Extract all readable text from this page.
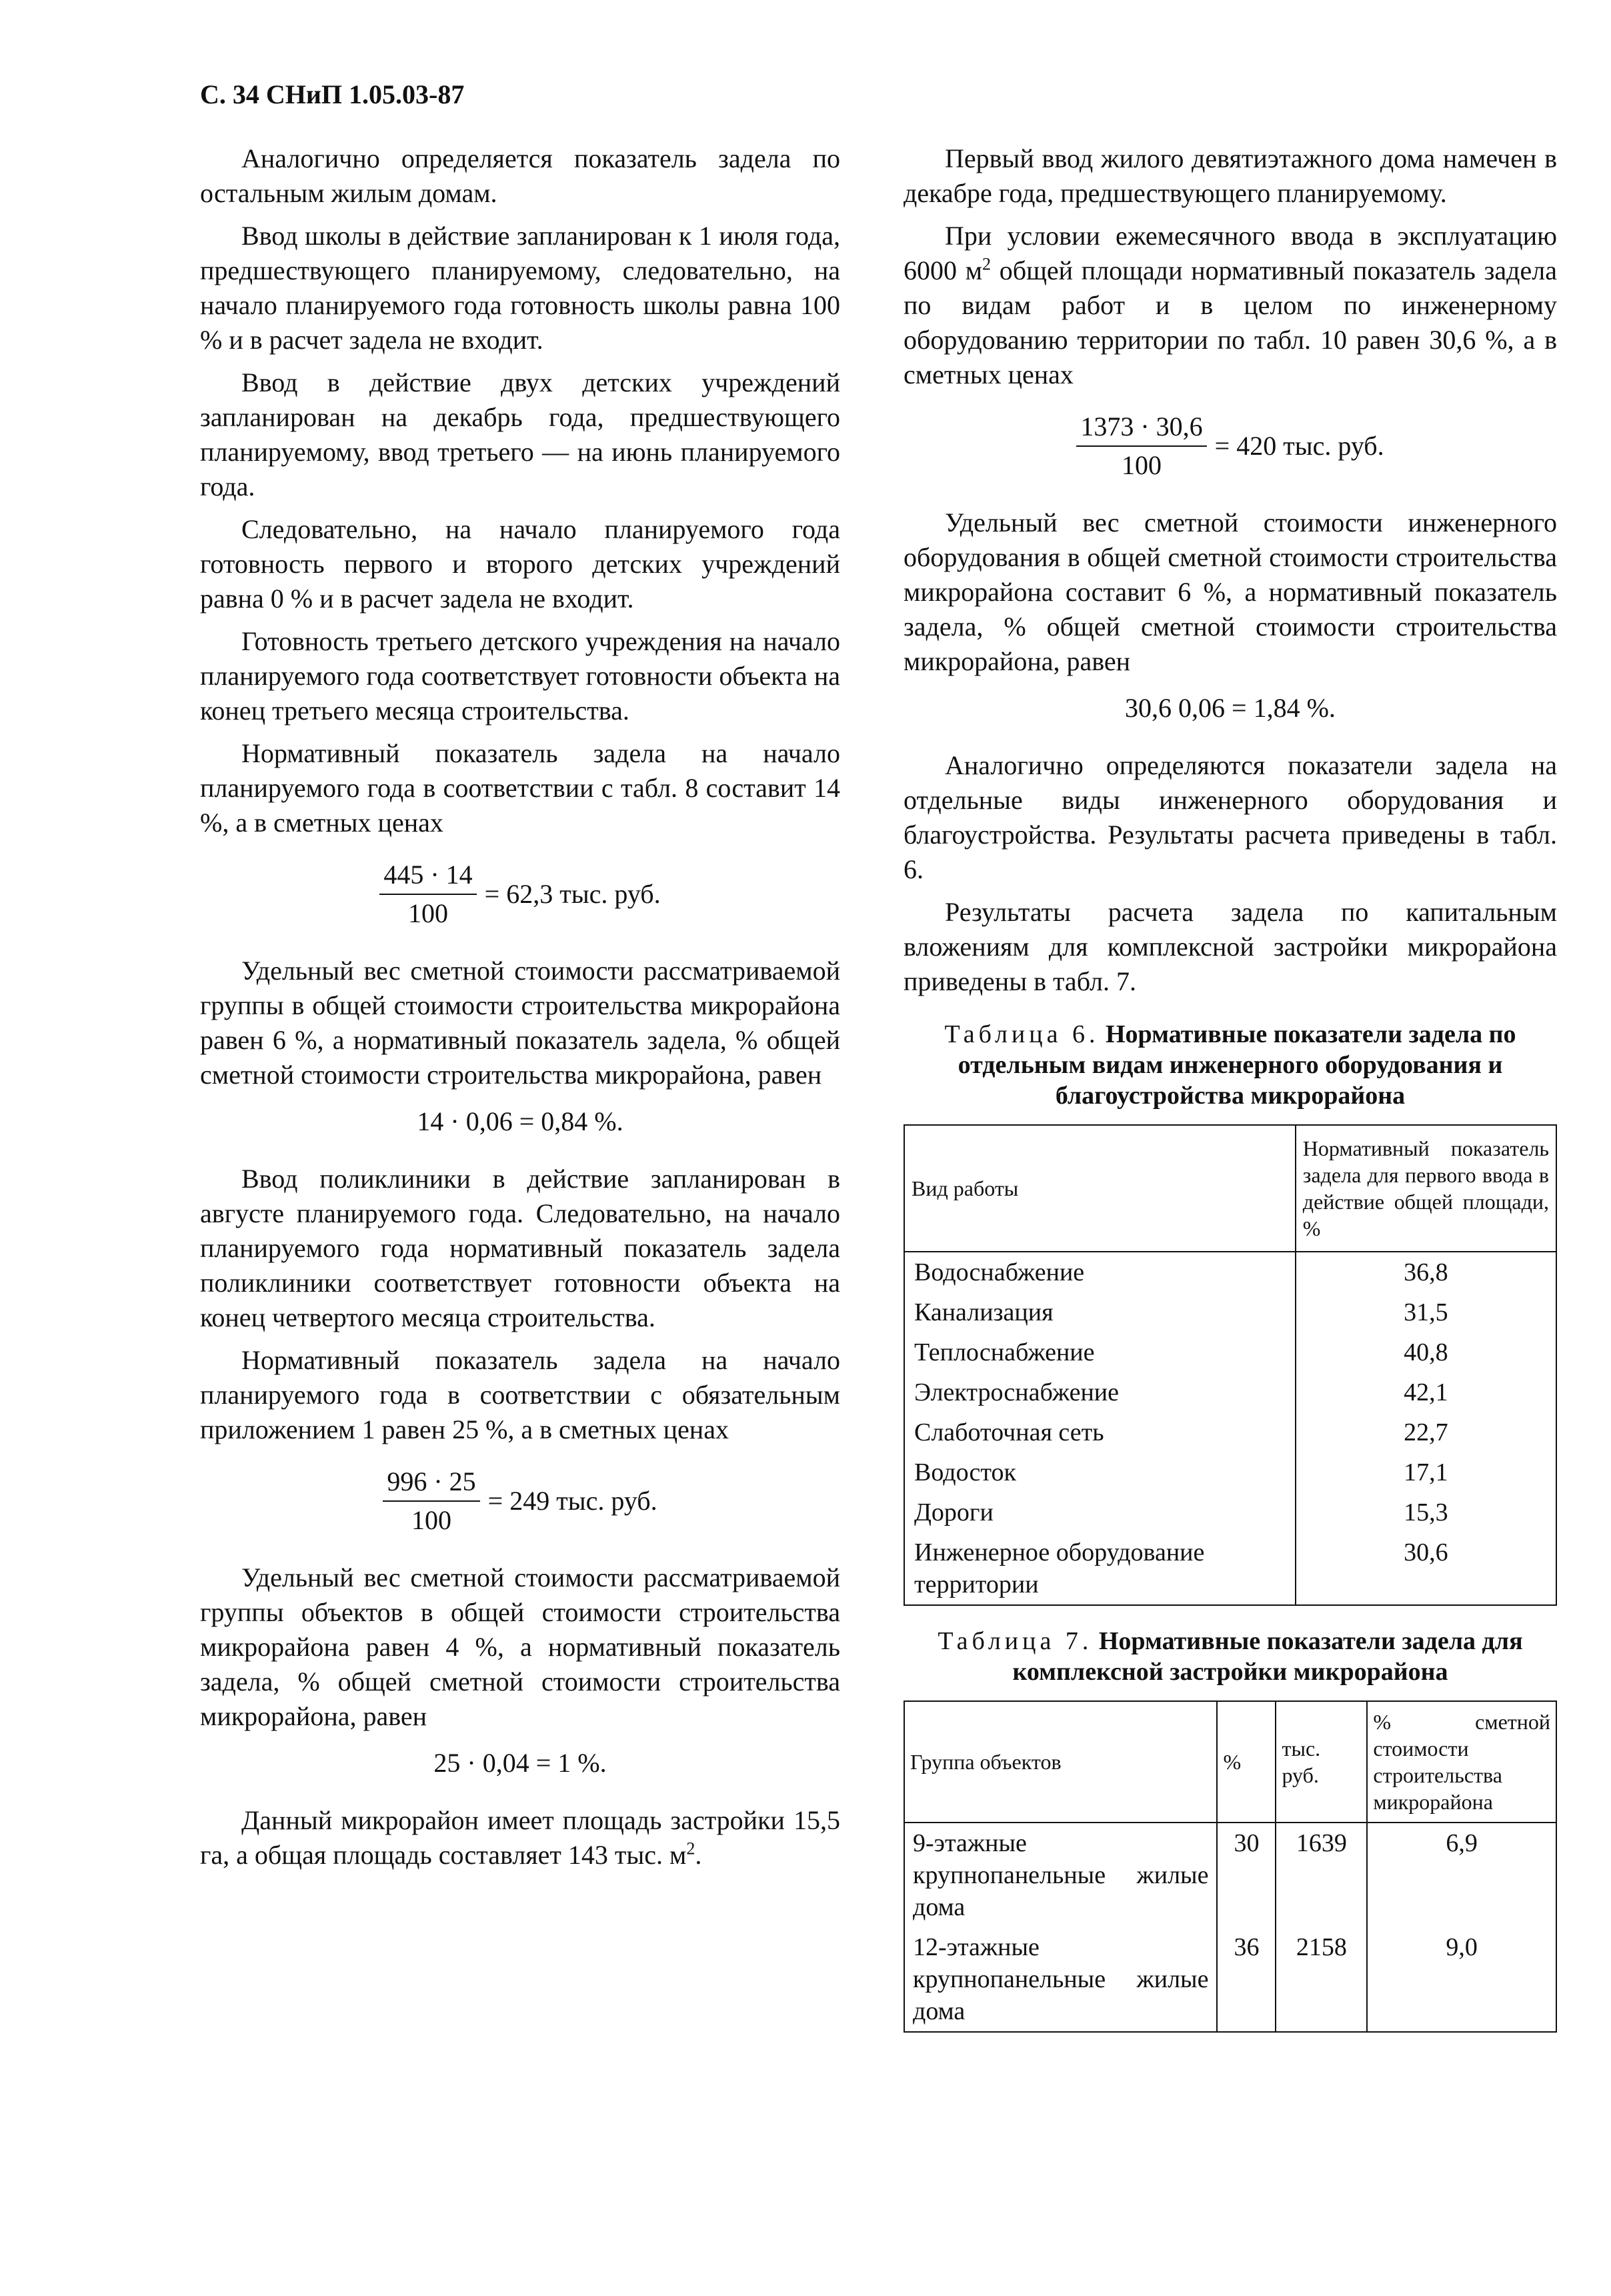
С. 34 СНиП 1.05.03-87

Аналогично определяется показатель задела по остальным жилым домам.

Ввод школы в действие запланирован к 1 июля года, предшествующего планируемому, следовательно, на начало планируемого года готовность школы равна 100 % и в расчет задела не входит.

Ввод в действие двух детских учреждений запланирован на декабрь года, предшествующего планируемому, ввод третьего — на июнь планируемого года.

Следовательно, на начало планируемого года готовность первого и второго детских учреждений равна 0 % и в расчет задела не входит.

Готовность третьего детского учреждения на начало планируемого года соответствует готовности объекта на конец третьего месяца строительства.

Нормативный показатель задела на начало планируемого года в соответствии с табл. 8 составит 14 %, а в сметных ценах

$\frac{445 \cdot 14}{100} = 62,3$ тыс. руб.

Удельный вес сметной стоимости рассматриваемой группы в общей стоимости строительства микрорайона равен 6 %, а нормативный показатель задела, % общей сметной стоимости строительства микрорайона, равен

14 · 0,06 = 0,84 %.

Ввод поликлиники в действие запланирован в августе планируемого года. Следовательно, на начало планируемого года нормативный показатель задела поликлиники соответствует готовности объекта на конец четвертого месяца строительства.

Нормативный показатель задела на начало планируемого года в соответствии с обязательным приложением 1 равен 25 %, а в сметных ценах

$\frac{996 \cdot 25}{100} = 249$ тыс. руб.

Удельный вес сметной стоимости рассматриваемой группы объектов в общей стоимости строительства микрорайона равен 4 %, а нормативный показатель задела, % общей сметной стоимости строительства микрорайона, равен

25 · 0,04 = 1 %.

Данный микрорайон имеет площадь застройки 15,5 га, а общая площадь составляет 143 тыс. $м^2$.

Первый ввод жилого девятиэтажного дома намечен в декабре года, предшествующего планируемому.

При условии ежемесячного ввода в эксплуатацию 6000 $м^2$ общей площади нормативный показатель задела по видам работ и в целом по инженерному оборудованию территории по табл. 10 равен 30,6 %, а в сметных ценах

$\frac{1373 \cdot 30,6}{100} = 420$ тыс. руб.

Удельный вес сметной стоимости инженерного оборудования в общей сметной стоимости строительства микрорайона составит 6 %, а нормативный показатель задела, % общей сметной стоимости строительства микрорайона, равен

30,6 0,06 = 1,84 %.

Аналогично определяются показатели задела на отдельные виды инженерного оборудования и благоустройства. Результаты расчета приведены в табл. 6.

Результаты расчета задела по капитальным вложениям для комплексной застройки микрорайона приведены в табл. 7.

Таблица 6. Нормативные показатели задела по отдельным видам инженерного оборудования и благоустройства микрорайона
Вид работы	Нормативный показатель задела для первого ввода в действие общей площади, %
Водоснабжение	36,8
Канализация	31,5
Теплоснабжение	40,8
Электроснабжение	42,1
Слаботочная сеть	22,7
Водосток	17,1
Дороги	15,3
Инженерное оборудование территории	30,6
Таблица 7. Нормативные показатели задела для комплексной застройки микрорайона
Группа объектов	%	тыс. руб.	% сметной стоимости строительства микрорайона
9-этажные крупнопанельные жилые дома	30	1639	6,9
12-этажные крупнопанельные жилые дома	36	2158	9,0
